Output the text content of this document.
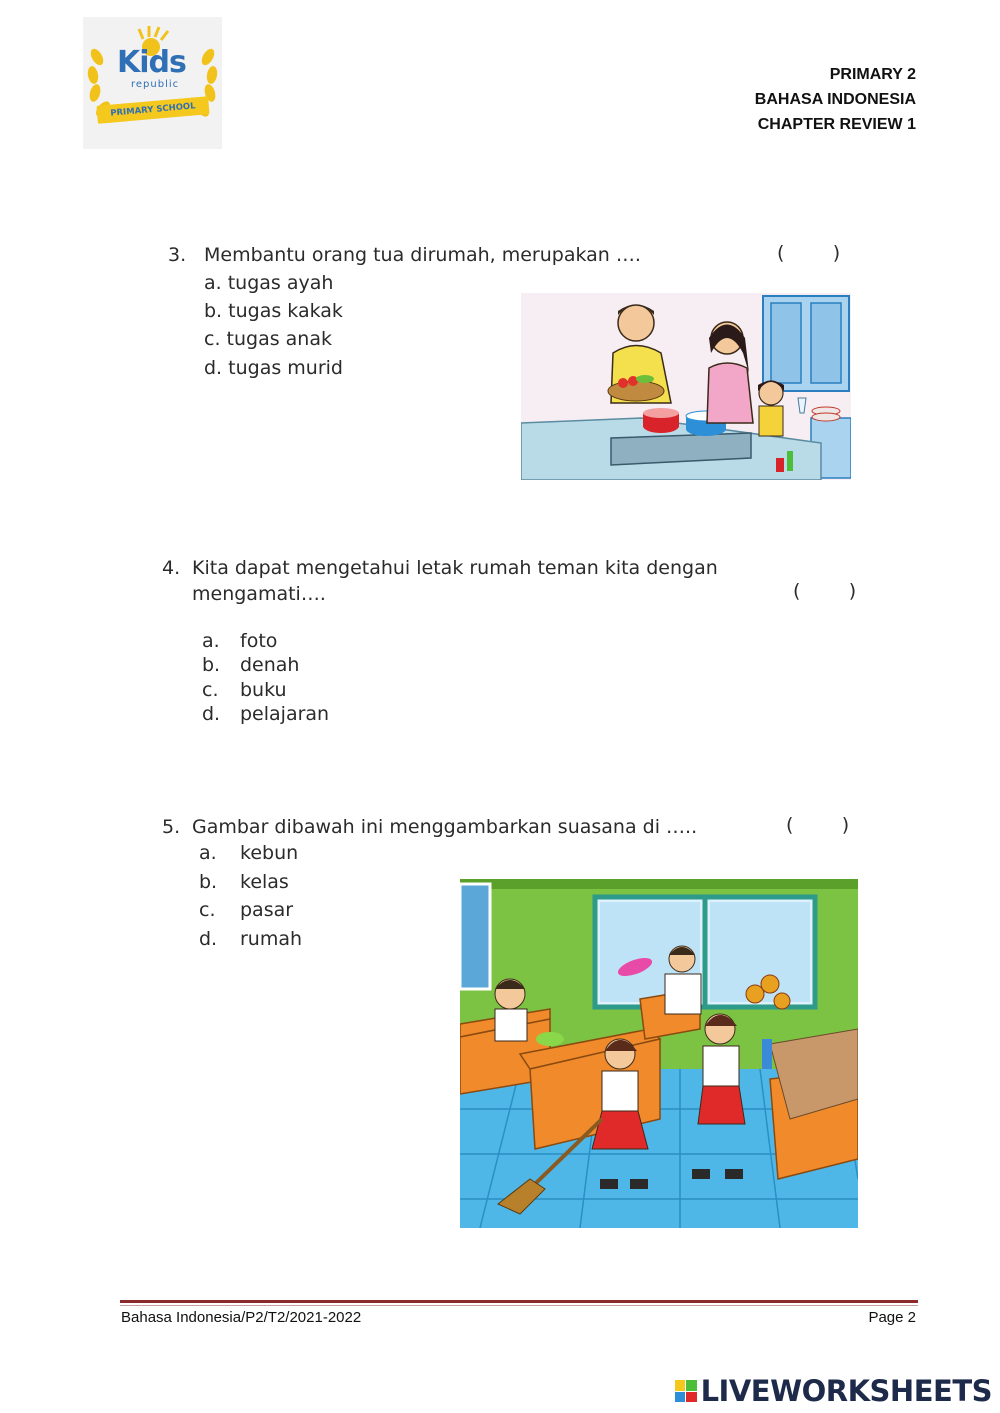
Kids
republic
PRIMARY SCHOOL
PRIMARY 2
BAHASA INDONESIA
CHAPTER REVIEW 1
3. Membantu orang tua dirumah, merupakan ….	(        )
a. tugas ayah
b. tugas kakak
c. tugas anak
d. tugas murid
4. Kita dapat mengetahui letak rumah teman kita dengan
mengamati….	(        )
a. foto
b. denah
c. buku
d. pelajaran
5. Gambar dibawah ini menggambarkan suasana di …..	(        )
a. kebun
b. kelas
c. pasar
d. rumah
Bahasa Indonesia/P2/T2/2021-2022	Page 2
LIVEWORKSHEETS
